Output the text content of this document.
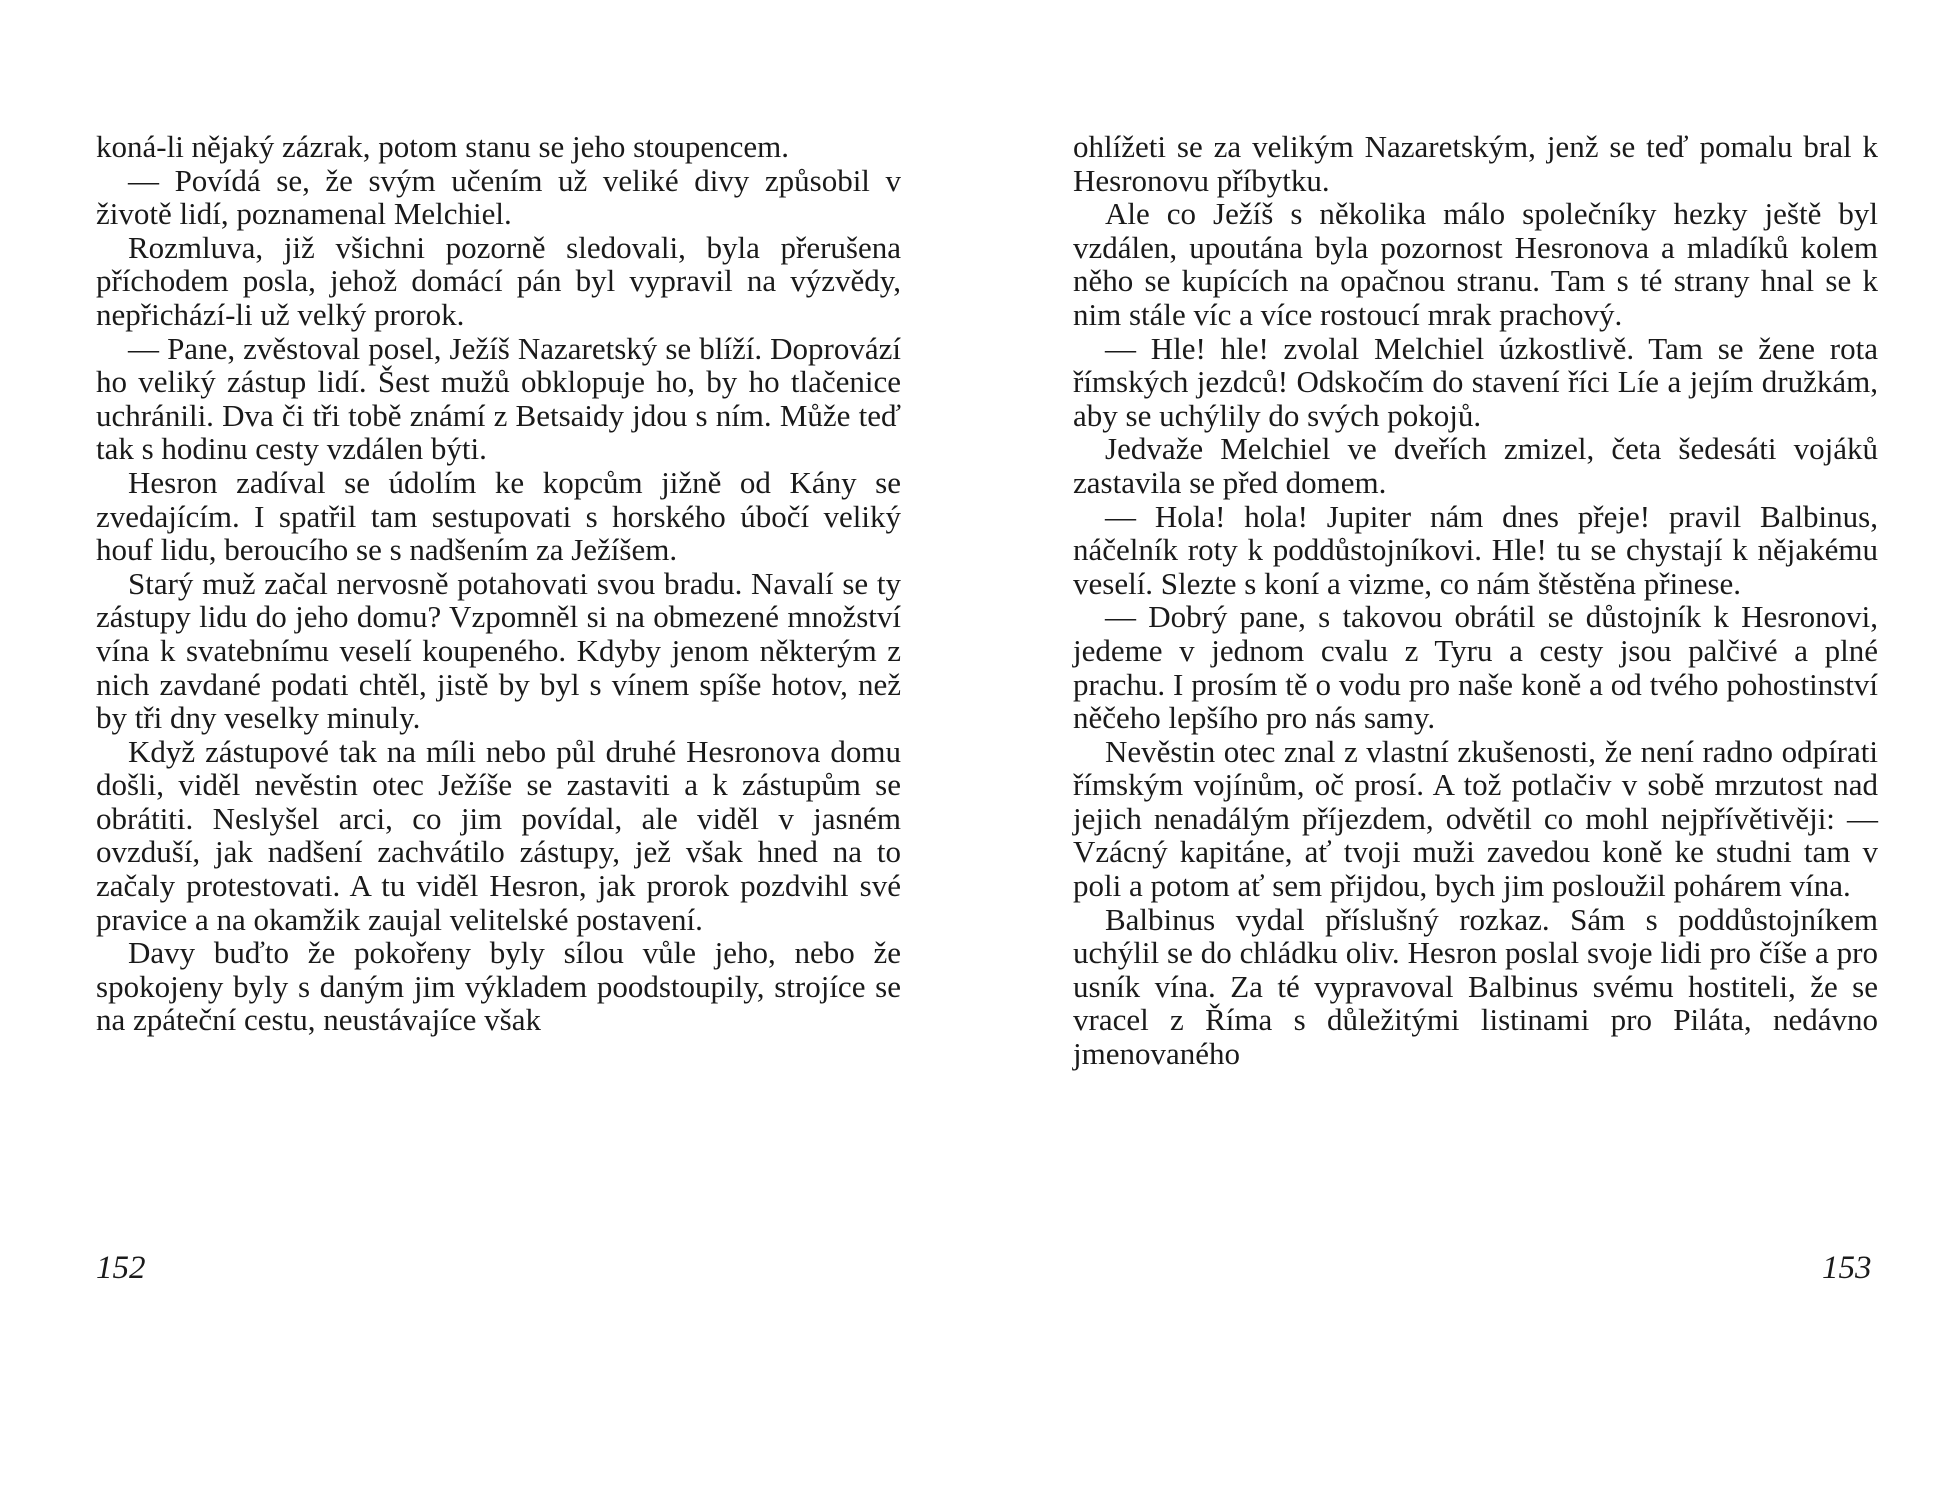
koná-li nějaký zázrak, potom stanu se jeho stoupencem.

— Povídá se, že svým učením už veliké divy způsobil v životě lidí, poznamenal Melchiel.

Rozmluva, již všichni pozorně sledovali, byla přerušena příchodem posla, jehož domácí pán byl vypravil na výzvědy, nepřichází-li už velký prorok.

— Pane, zvěstoval posel, Ježíš Nazaretský se blíží. Doprovází ho veliký zástup lidí. Šest mužů obklopuje ho, by ho tlačenice uchránili. Dva či tři tobě známí z Betsaidy jdou s ním. Může teď tak s hodinu cesty vzdálen býti.

Hesron zadíval se údolím ke kopcům jižně od Kány se zvedajícím. I spatřil tam sestupovati s horského úbočí veliký houf lidu, beroucího se s nadšením za Ježíšem.

Starý muž začal nervosně potahovati svou bradu. Navalí se ty zástupy lidu do jeho domu? Vzpomněl si na obmezené množství vína k svatebnímu veselí koupeného. Kdyby jenom některým z nich zavdané podati chtěl, jistě by byl s vínem spíše hotov, než by tři dny veselky minuly.

Když zástupové tak na míli nebo půl druhé Hesronova domu došli, viděl nevěstin otec Ježíše se zastaviti a k zástupům se obrátiti. Neslyšel arci, co jim povídal, ale viděl v jasném ovzduší, jak nadšení zachvátilo zástupy, jež však hned na to začaly protestovati. A tu viděl Hesron, jak prorok pozdvihl své pravice a na okamžik zaujal velitelské postavení.

Davy buďto že pokořeny byly sílou vůle jeho, nebo že spokojeny byly s daným jim výkladem poodstoupily, strojíce se na zpáteční cestu, neustávajíce však

152

ohlížeti se za velikým Nazaretským, jenž se teď pomalu bral k Hesronovu příbytku.

Ale co Ježíš s několika málo společníky hezky ještě byl vzdálen, upoutána byla pozornost Hesronova a mladíků kolem něho se kupících na opačnou stranu. Tam s té strany hnal se k nim stále víc a více rostoucí mrak prachový.

— Hle! hle! zvolal Melchiel úzkostlivě. Tam se žene rota římských jezdců! Odskočím do stavení říci Líe a jejím družkám, aby se uchýlily do svých pokojů.

Jedvaže Melchiel ve dveřích zmizel, četa šedesáti vojáků zastavila se před domem.

— Hola! hola! Jupiter nám dnes přeje! pravil Balbinus, náčelník roty k poddůstojníkovi. Hle! tu se chystají k nějakému veselí. Slezte s koní a vizme, co nám štěstěna přinese.

— Dobrý pane, s takovou obrátil se důstojník k Hesronovi, jedeme v jednom cvalu z Tyru a cesty jsou palčivé a plné prachu. I prosím tě o vodu pro naše koně a od tvého pohostinství něčeho lepšího pro nás samy.

Nevěstin otec znal z vlastní zkušenosti, že není radno odpírati římským vojínům, oč prosí. A tož potlačiv v sobě mrzutost nad jejich nenadálým příjezdem, odvětil co mohl nejpřívětivěji: — Vzácný kapitáne, ať tvoji muži zavedou koně ke studni tam v poli a potom ať sem přijdou, bych jim posloužil pohárem vína.

Balbinus vydal příslušný rozkaz. Sám s poddůstojníkem uchýlil se do chládku oliv. Hesron poslal svoje lidi pro číše a pro usník vína. Za té vypravoval Balbinus svému hostiteli, že se vracel z Říma s důležitými listinami pro Piláta, nedávno jmenovaného

153
